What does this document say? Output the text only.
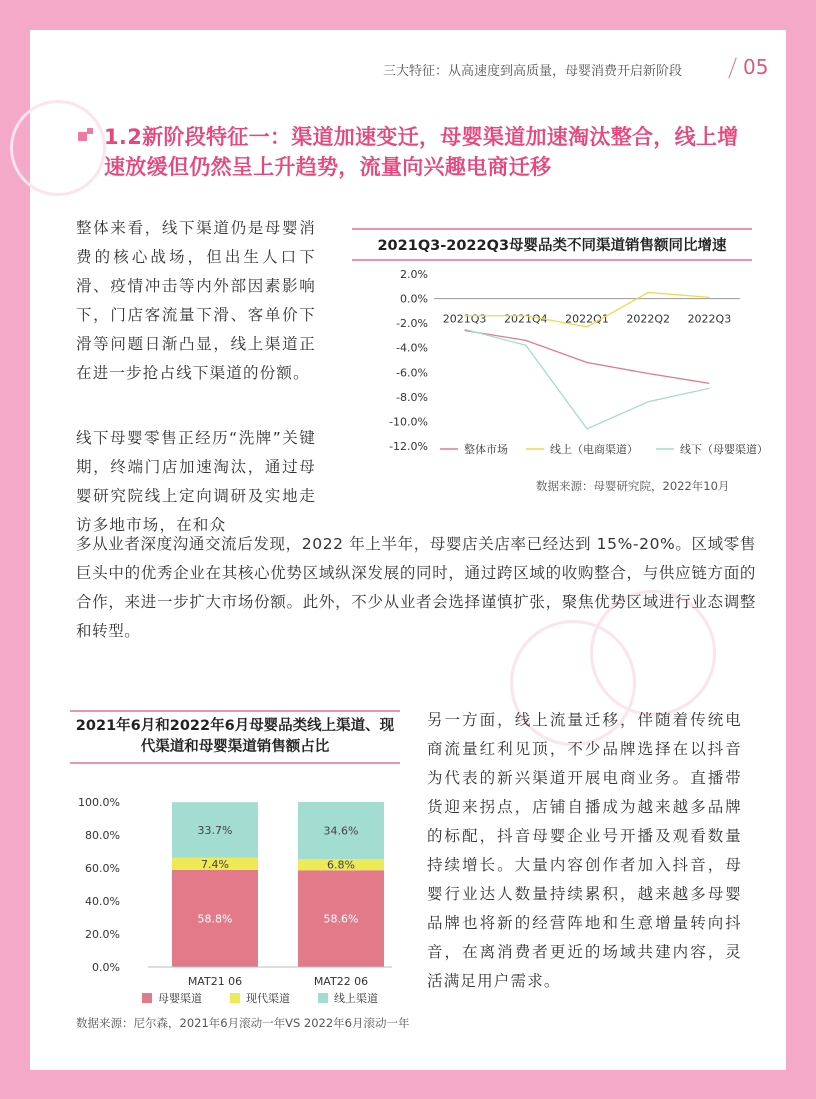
三大特征：从高速度到高质量，母婴消费开启新阶段	05
1.2新阶段特征一：渠道加速变迁，母婴渠道加速淘汰整合，线上增速放缓但仍然呈上升趋势，流量向兴趣电商迁移
整体来看，线下渠道仍是母婴消费的核心战场，但出生人口下滑、疫情冲击等内外部因素影响下，门店客流量下滑、客单价下滑等问题日渐凸显，线上渠道正在进一步抢占线下渠道的份额。
线下母婴零售正经历“洗牌”关键期，终端门店加速淘汰，通过母婴研究院线上定向调研及实地走访多地市场，在和众
多从业者深度沟通交流后发现，2022 年上半年，母婴店关店率已经达到 15%-20%。区域零售巨头中的优秀企业在其核心优势区域纵深发展的同时，通过跨区域的收购整合，与供应链方面的合作，来进一步扩大市场份额。此外，不少从业者会选择谨慎扩张，聚焦优势区域进行业态调整和转型。
另一方面，线上流量迁移，伴随着传统电商流量红利见顶，不少品牌选择在以抖音为代表的新兴渠道开展电商业务。直播带货迎来拐点，店铺自播成为越来越多品牌的标配，抖音母婴企业号开播及观看数量持续增长。大量内容创作者加入抖音，母婴行业达人数量持续累积，越来越多母婴品牌也将新的经营阵地和生意增量转向抖音，在离消费者更近的场域共建内容，灵活满足用户需求。
2021Q3-2022Q3母婴品类不同渠道销售额同比增速
2.0%
0.0%
-2.0%
-4.0%
-6.0%
-8.0%
-10.0%
-12.0%
2021Q3 2021Q4 2022Q1 2022Q2 2022Q3
整体市场	线上（电商渠道）	线下（母婴渠道）
数据来源：母婴研究院，2022年10月
2021年6月和2022年6月母婴品类线上渠道、现代渠道和母婴渠道销售额占比
100.0%
80.0%
60.0%
40.0%
20.0%
0.0%
58.8%
7.4%
33.7%
MAT21 06
58.6%
6.8%
34.6%
MAT22 06
母婴渠道	现代渠道	线上渠道
数据来源：尼尔森，2021年6月滚动一年VS 2022年6月滚动一年
